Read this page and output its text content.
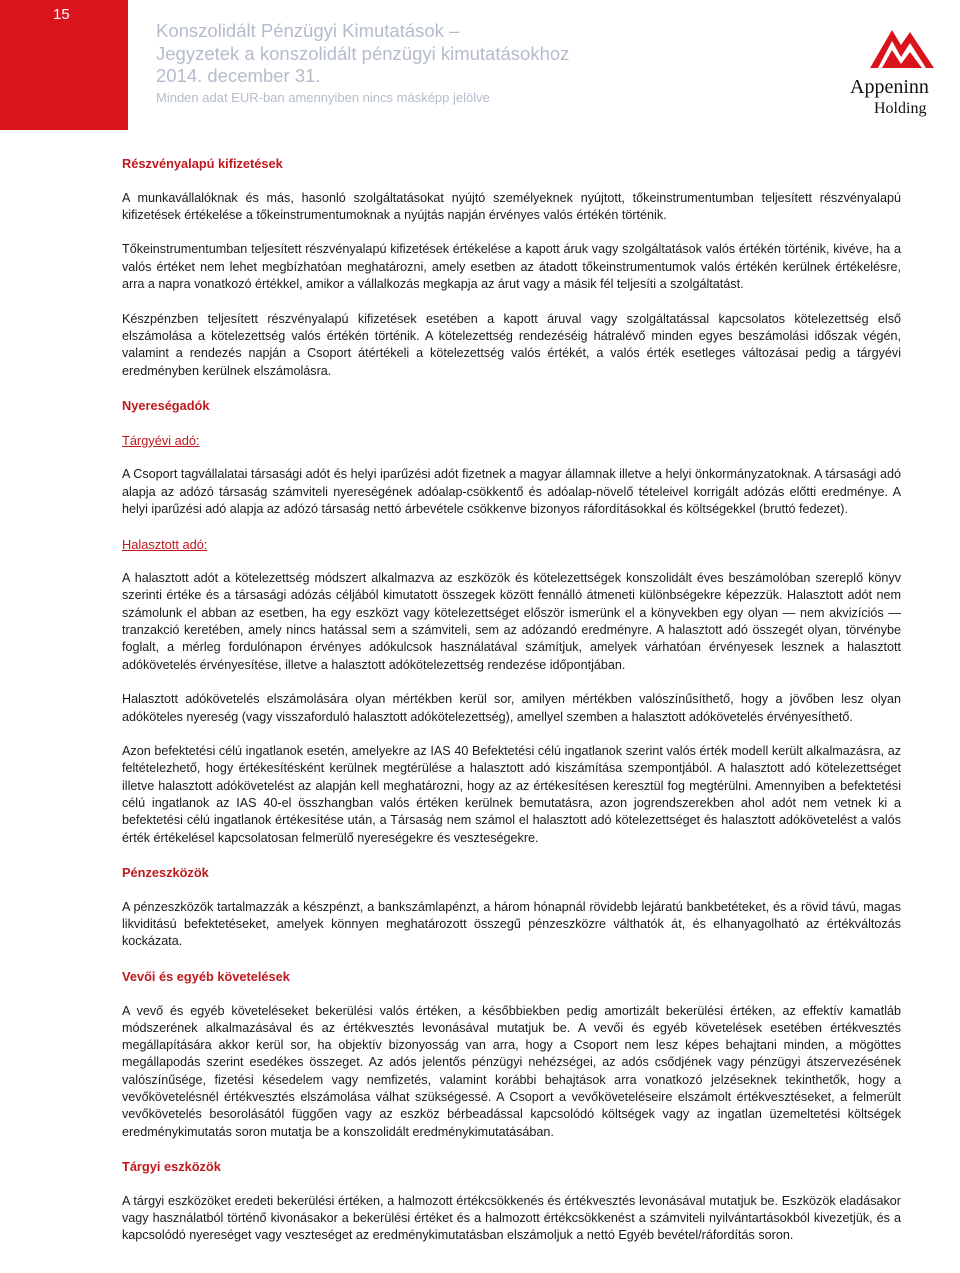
15
Konszolidált Pénzügyi Kimutatások –
Jegyzetek a konszolidált pénzügyi kimutatásokhoz
2014. december 31.
Minden adat EUR-ban amennyiben nincs másképp jelölve	Appeninn
Holding
Részvényalapú kifizetések

A munkavállalóknak és más, hasonló szolgáltatásokat nyújtó személyeknek nyújtott, tőkeinstrumentumban teljesített részvényalapú kifizetések értékelése a tőkeinstrumentumoknak a nyújtás napján érvényes valós értékén történik.

Tőkeinstrumentumban teljesített részvényalapú kifizetések értékelése a kapott áruk vagy szolgáltatások valós értékén történik, kivéve, ha a valós értéket nem lehet megbízhatóan meghatározni, amely esetben az átadott tőkeinstrumentumok valós értékén kerülnek értékelésre, arra a napra vonatkozó értékkel, amikor a vállalkozás megkapja az árut vagy a másik fél teljesíti a szolgáltatást.

Készpénzben teljesített részvényalapú kifizetések esetében a kapott áruval vagy szolgáltatással kapcsolatos kötelezettség első elszámolása a kötelezettség valós értékén történik. A kötelezettség rendezéséig hátralévő minden egyes beszámolási időszak végén, valamint a rendezés napján a Csoport átértékeli a kötelezettség valós értékét, a valós érték esetleges változásai pedig a tárgyévi eredményben kerülnek elszámolásra.

Nyereségadók
Tárgyévi adó:

A Csoport tagvállalatai társasági adót és helyi iparűzési adót fizetnek a magyar államnak illetve a helyi önkormányzatoknak. A társasági adó alapja az adózó társaság számviteli nyereségének adóalap-csökkentő és adóalap-növelő tételeivel korrigált adózás előtti eredménye. A helyi iparűzési adó alapja az adózó társaság nettó árbevétele csökkenve bizonyos ráfordításokkal és költségekkel (bruttó fedezet).

Halasztott adó:

A halasztott adót a kötelezettség módszert alkalmazva az eszközök és kötelezettségek konszolidált éves beszámolóban szereplő könyv szerinti értéke és a társasági adózás céljából kimutatott összegek között fennálló átmeneti különbségekre képezzük. Halasztott adót nem számolunk el abban az esetben, ha egy eszközt vagy kötelezettséget először ismerünk el a könyvekben egy olyan — nem akvizíciós — tranzakció keretében, amely nincs hatással sem a számviteli, sem az adózandó eredményre. A halasztott adó összegét olyan, törvénybe foglalt, a mérleg fordulónapon érvényes adókulcsok használatával számítjuk, amelyek várhatóan érvényesek lesznek a halasztott adókövetelés érvényesítése, illetve a halasztott adókötelezettség rendezése időpontjában.

Halasztott adókövetelés elszámolására olyan mértékben kerül sor, amilyen mértékben valószínűsíthető, hogy a jövőben lesz olyan adóköteles nyereség (vagy visszaforduló halasztott adókötelezettség), amellyel szemben a halasztott adókövetelés érvényesíthető.

Azon befektetési célú ingatlanok esetén, amelyekre az IAS 40 Befektetési célú ingatlanok szerint valós érték modell került alkalmazásra, az feltételezhető, hogy értékesítésként kerülnek megtérülése a halasztott adó kiszámítása szempontjából. A halasztott adó kötelezettséget illetve halasztott adókövetelést az alapján kell meghatározni, hogy az az értékesítésen keresztül fog megtérülni. Amennyiben a befektetési célú ingatlanok az IAS 40-el összhangban valós értéken kerülnek bemutatásra, azon jogrendszerekben ahol adót nem vetnek ki a befektetési célú ingatlanok értékesítése után, a Társaság nem számol el halasztott adó kötelezettséget és halasztott adókövetelést a valós érték értékelésel kapcsolatosan felmerülő nyereségekre és veszteségekre.

Pénzeszközök

A pénzeszközök tartalmazzák a készpénzt, a bankszámlapénzt, a három hónapnál rövidebb lejáratú bankbetéteket, és a rövid távú, magas likviditású befektetéseket, amelyek könnyen meghatározott összegű pénzeszközre válthatók át, és elhanyagolható az értékváltozás kockázata.

Vevői és egyéb követelések

A vevő és egyéb követeléseket bekerülési valós értéken, a későbbiekben pedig amortizált bekerülési értéken, az effektív kamatláb módszerének alkalmazásával és az értékvesztés levonásával mutatjuk be. A vevői és egyéb követelések esetében értékvesztés megállapítására akkor kerül sor, ha objektív bizonyosság van arra, hogy a Csoport nem lesz képes behajtani minden, a mögöttes megállapodás szerint esedékes összeget. Az adós jelentős pénzügyi nehézségei, az adós csődjének vagy pénzügyi átszervezésének valószínűsége, fizetési késedelem vagy nemfizetés, valamint korábbi behajtások arra vonatkozó jelzéseknek tekinthetők, hogy a vevőkövetelésnél értékvesztés elszámolása válhat szükségessé. A Csoport a vevőköveteléseire elszámolt értékvesztéseket, a felmerült vevőkövetelés besorolásától függően vagy az eszköz bérbeadással kapcsolódó költségek vagy az ingatlan üzemeltetési költségek eredménykimutatás soron mutatja be a konszolidált eredménykimutatásában.

Tárgyi eszközök

A tárgyi eszközöket eredeti bekerülési értéken, a halmozott értékcsökkenés és értékvesztés levonásával mutatjuk be. Eszközök eladásakor vagy használatból történő kivonásakor a bekerülési értéket és a halmozott értékcsökkenést a számviteli nyilvántartásokból kivezetjük, és a kapcsolódó nyereséget vagy veszteséget az eredménykimutatásban elszámoljuk a nettó Egyéb bevétel/ráfordítás soron.
